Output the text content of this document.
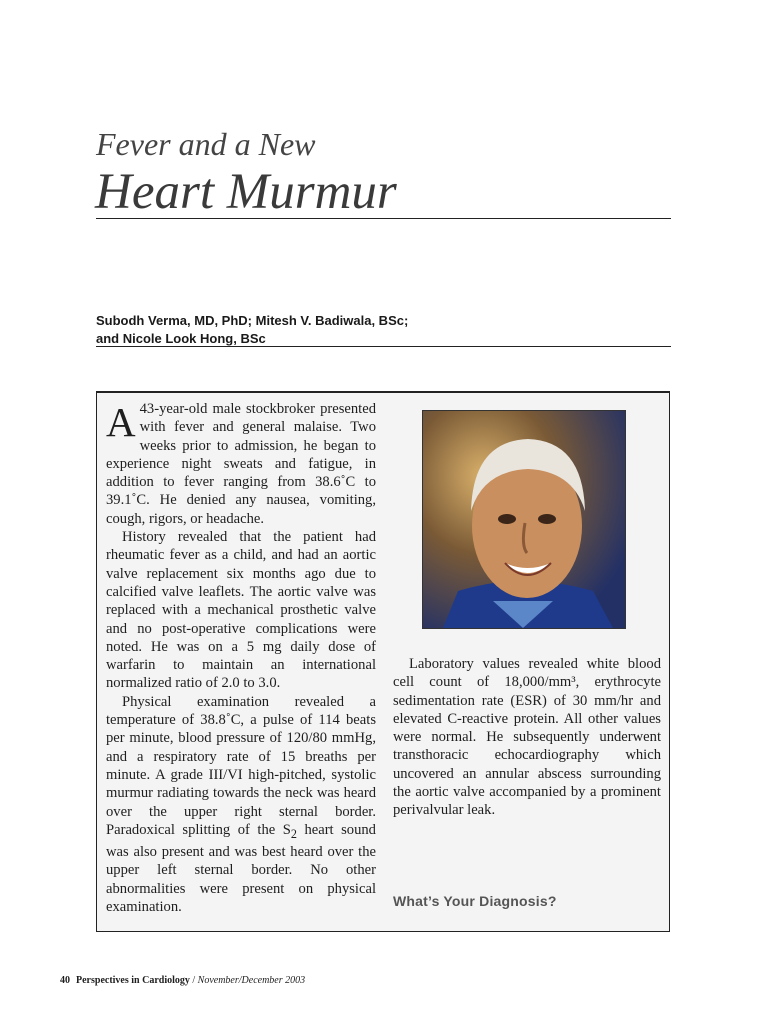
Fever and a New
Heart Murmur
Subodh Verma, MD, PhD; Mitesh V. Badiwala, BSc;
and Nicole Look Hong, BSc

A 43-year-old male stockbroker presented with fever and general malaise. Two weeks prior to admission, he began to experience night sweats and fatigue, in addition to fever ranging from 38.6˚C to 39.1˚C. He denied any nausea, vomiting, cough, rigors, or headache.

History revealed that the patient had rheumatic fever as a child, and had an aortic valve replacement six months ago due to calcified valve leaflets. The aortic valve was replaced with a mechanical prosthetic valve and no post-operative complications were noted. He was on a 5 mg daily dose of warfarin to maintain an international normalized ratio of 2.0 to 3.0.

Physical examination revealed a temperature of 38.8˚C, a pulse of 114 beats per minute, blood pressure of 120/80 mmHg, and a respiratory rate of 15 breaths per minute. A grade III/VI high-pitched, systolic murmur radiating towards the neck was heard over the upper right sternal border. Paradoxical splitting of the $S_2$ heart sound was also present and was best heard over the upper left sternal border. No other abnormalities were present on physical examination.

Laboratory values revealed white blood cell count of 18,000/mm³, erythrocyte sedimentation rate (ESR) of 30 mm/hr and elevated C-reactive protein. All other values were normal. He subsequently underwent transthoracic echocardiography which uncovered an annular abscess surrounding the aortic valve accompanied by a prominent perivalvular leak.

What’s Your Diagnosis?
40 Perspectives in Cardiology / November/December 2003
